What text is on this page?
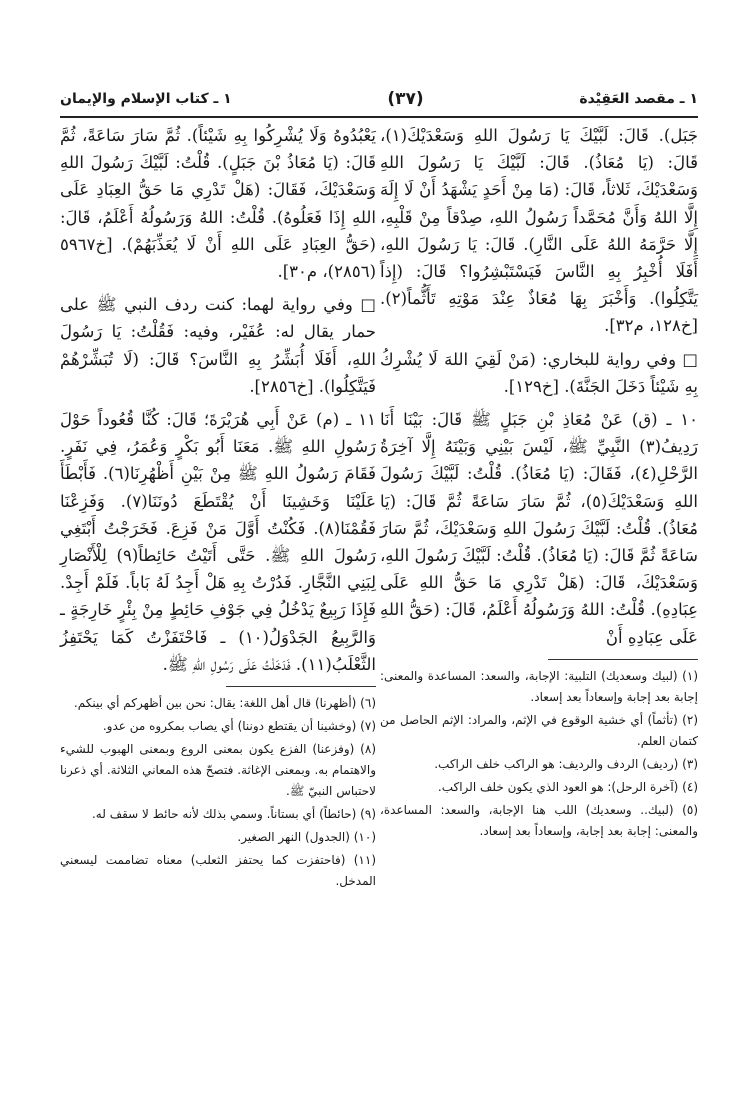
١ ـ كتاب الإسلام والإيمان	(٣٧)	١ ـ مقصد العَقِيْدة

جَبَل). قَالَ: لَبَّيْكَ يَا رَسُولَ اللهِ وَسَعْدَيْكَ(١)، قَالَ: (يَا مُعَاذُ). قَالَ: لَبَّيْكَ يَا رَسُولَ اللهِ وَسَعْدَيْكَ، ثَلاثاً، قَالَ: (مَا مِنْ أَحَدٍ يَشْهَدُ أَنْ لَا إِلَهَ إِلَّا اللهُ وَأَنَّ مُحَمَّداً رَسُولُ اللهِ، صِدْقاً مِنْ قَلْبِهِ، إِلَّا حَرَّمَهُ اللهُ عَلَى النَّارِ). قَالَ: يَا رَسُولَ اللهِ، أَفَلَا أُخْبِرُ بِهِ النَّاسَ فَيَسْتَبْشِرُوا؟ قَالَ: (إِذاً يَتَّكِلُوا). وَأَخْبَرَ بِهَا مُعَاذٌ عِنْدَ مَوْتِهِ تَأَثُّماً(٢). [خ١٢٨، م٣٢].

□ وفي رواية للبخاري: (مَنْ لَقِيَ اللهَ لَا يُشْرِكُ بِهِ شَيْئاً دَخَلَ الجَنَّةَ). [خ١٢٩].

١٠ ـ (ق) عَنْ مُعَاذِ بْنِ جَبَلٍ ﷺ قَالَ: بَيْنَا أَنَا رَدِيفُ(٣) النَّبِيِّ ﷺ، لَيْسَ بَيْنِي وَبَيْنَهُ إِلَّا آخِرَةُ الرَّحْلِ(٤)، فَقَالَ: (يَا مُعَاذُ). قُلْتُ: لَبَّيْكَ رَسُولَ اللهِ وَسَعْدَيْكَ(٥)، ثُمَّ سَارَ سَاعَةً ثُمَّ قَالَ: (يَا مُعَاذُ). قُلْتُ: لَبَّيْكَ رَسُولَ اللهِ وَسَعْدَيْكَ، ثُمَّ سَارَ سَاعَةً ثُمَّ قَالَ: (يَا مُعَاذُ). قُلْتُ: لَبَّيْكَ رَسُولَ اللهِ، وَسَعْدَيْكَ، قَالَ: (هَلْ تَدْرِي مَا حَقُّ اللهِ عَلَى عِبَادِهِ). قُلْتُ: اللهُ وَرَسُولُهُ أَعْلَمُ، قَالَ: (حَقُّ اللهِ عَلَى عِبَادِهِ أَنْ

(١) (لبيك وسعديك) التلبية: الإجابة، والسعد: المساعدة والمعنى: إجابة بعد إجابة وإسعاداً بعد إسعاد.

(٢) (تأثماً) أي خشية الوقوع في الإثم، والمراد: الإثم الحاصل من كتمان العلم.

(٣) (رديف) الردف والرديف: هو الراكب خلف الراكب.

(٤) (آخرة الرحل): هو العود الذي يكون خلف الراكب.

(٥) (لبيك.. وسعديك) اللب هنا الإجابة، والسعد: المساعدة، والمعنى: إجابة بعد إجابة، وإسعاداً بعد إسعاد.

يَعْبُدُوهُ وَلَا يُشْرِكُوا بِهِ شَيْئاً). ثُمَّ سَارَ سَاعَةً، ثُمَّ قَالَ: (يَا مُعَاذُ بْنَ جَبَلٍ). قُلْتُ: لَبَّيْكَ رَسُولَ اللهِ وَسَعْدَيْكَ، فَقَالَ: (هَلْ تَدْرِي مَا حَقُّ العِبَادِ عَلَى اللهِ إِذَا فَعَلُوهُ). قُلْتُ: اللهُ وَرَسُولُهُ أَعْلَمُ، قَالَ: (حَقُّ العِبَادِ عَلَى اللهِ أَنْ لَا يُعَذِّبَهُمْ). [خ٥٩٦٧ (٢٨٥٦)، م٣٠].

□ وفي رواية لهما: كنت ردف النبي ﷺ على حمار يقال له: عُفَيْر، وفيه: فَقُلْتُ: يَا رَسُولَ اللهِ، أَفَلَا أُبَشِّرُ بِهِ النَّاسَ؟ قَالَ: (لَا تُبَشِّرْهُمْ فَيَتَّكِلُوا). [خ٢٨٥٦].

١١ ـ (م) عَنْ أَبِي هُرَيْرَةَ؛ قَالَ: كُنَّا قُعُوداً حَوْلَ رَسُولِ اللهِ ﷺ. مَعَنَا أَبُو بَكْرٍ وَعُمَرُ، فِي نَفَرٍ. فَقَامَ رَسُولُ اللهِ ﷺ مِنْ بَيْنِ أَظْهُرِنَا(٦). فَأَبْطَأَ عَلَيْنَا وَخَشِينَا أَنْ يُقْتَطَعَ دُونَنَا(٧). وَفَزِعْنَا فَقُمْنَا(٨). فَكُنْتُ أَوَّلَ مَنْ فَزِعَ. فَخَرَجْتُ أَبْتَغِي رَسُولَ اللهِ ﷺ. حَتَّى أَتَيْتُ حَائِطاً(٩) لِلْأَنْصَارِ لِبَنِي النَّجَّارِ. فَدُرْتُ بِهِ هَلْ أَجِدُ لَهُ بَاباً. فَلَمْ أَجِدْ. فَإِذَا رَبِيعٌ يَدْخُلُ فِي جَوْفِ حَائِطٍ مِنْ بِئْرٍ خَارِجَةٍ ـ وَالرَّبِيعُ الجَدْوَلُ(١٠) ـ فَاحْتَفَزْتُ كَمَا يَحْتَفِزُ الثَّعْلَبُ(١١). فَدَخَلْتُ عَلَى رَسُولِ اللهِ ﷺ.

(٦) (أظهرنا) قال أهل اللغة: يقال: نحن بين أظهركم أي بينكم.

(٧) (وخشينا أن يقتطع دوننا) أي يصاب بمكروه من عدو.

(٨) (وفزعنا) الفزع يكون بمعنى الروع وبمعنى الهبوب للشيء والاهتمام به. وبمعنى الإغاثة. فتصحّ هذه المعاني الثلاثة. أي ذعرنا لاحتباس النبيّ ﷺ.

(٩) (حائطاً) أي بستاناً. وسمي بذلك لأنه حائط لا سقف له.

(١٠) (الجدول) النهر الصغير.

(١١) (فاحتفزت كما يحتفز الثعلب) معناه تضاممت ليسعني المدخل.
